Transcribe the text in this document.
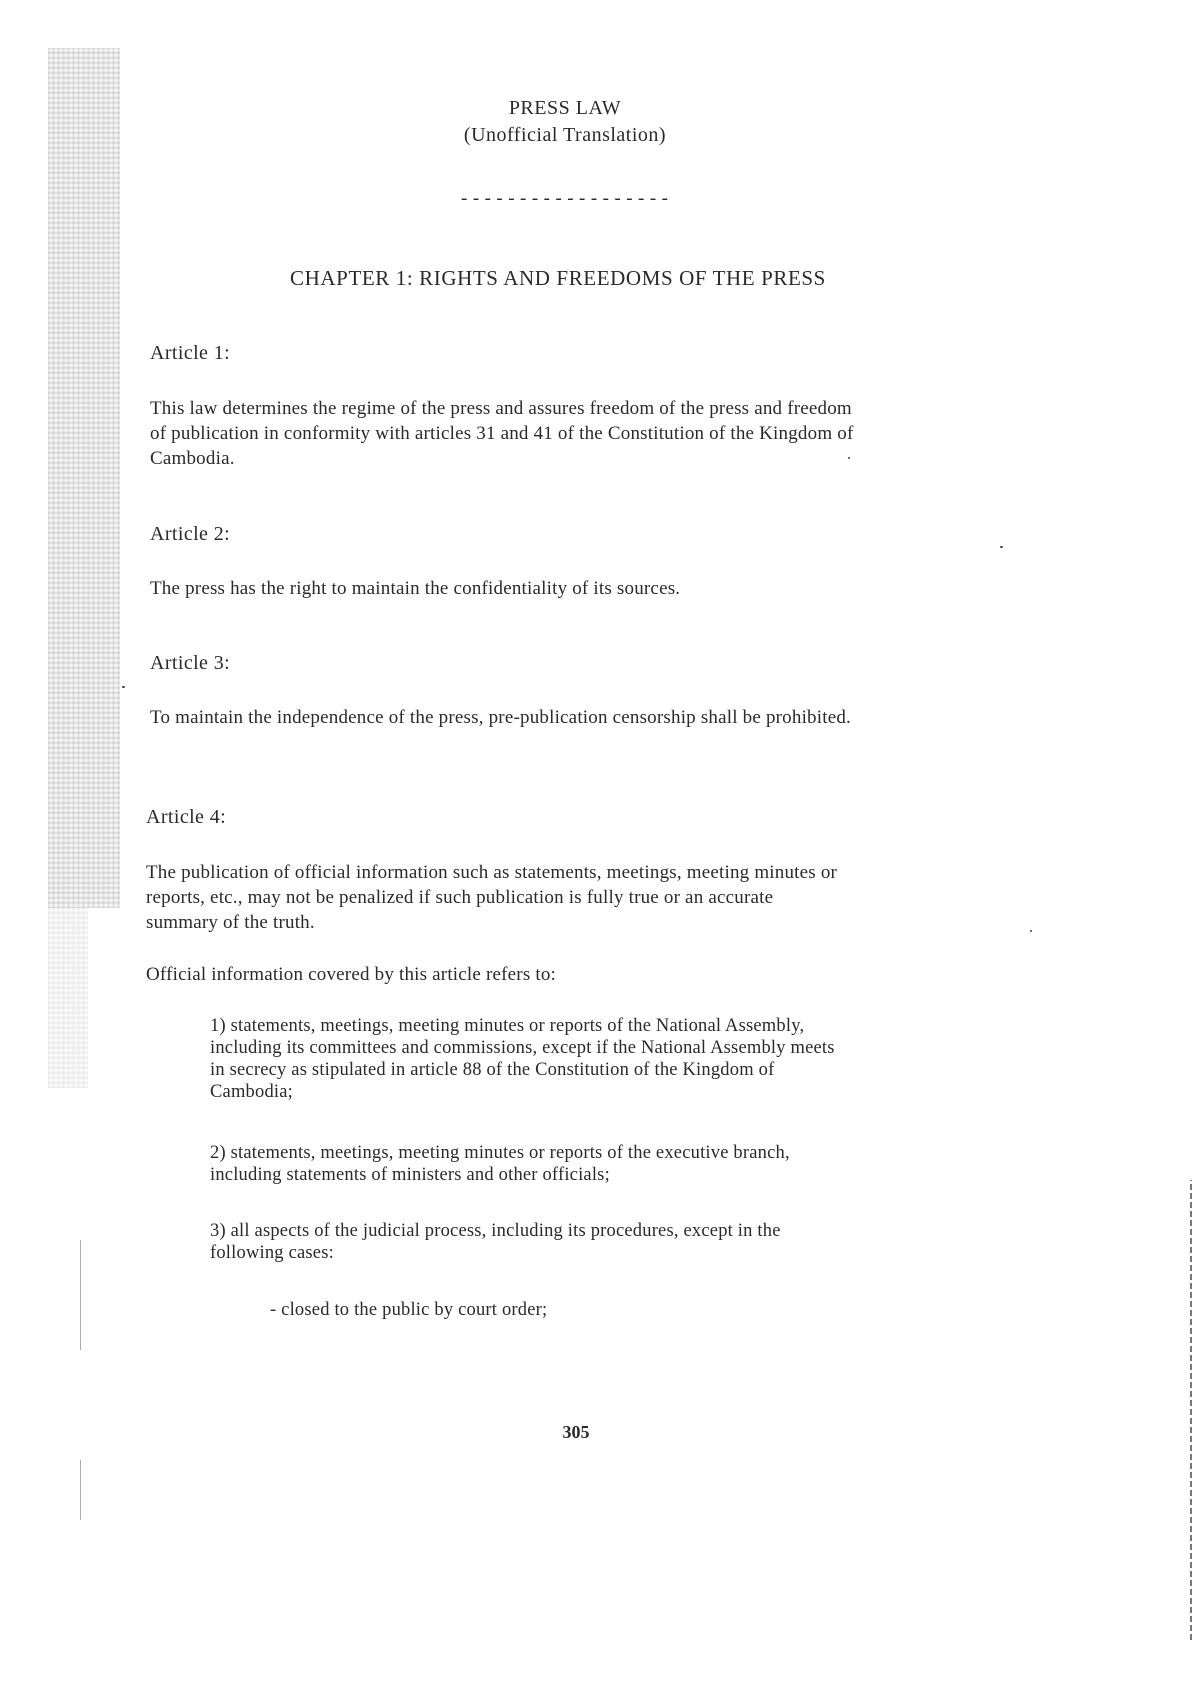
PRESS LAW
(Unofficial Translation)
------------------
CHAPTER 1: RIGHTS AND FREEDOMS OF THE PRESS
Article 1:

This law determines the regime of the press and assures freedom of the press and freedom
of publication in conformity with articles 31 and 41 of the Constitution of the Kingdom of
Cambodia.

Article 2:

The press has the right to maintain the confidentiality of its sources.

Article 3:

To maintain the independence of the press, pre-publication censorship shall be prohibited.

Article 4:

The publication of official information such as statements, meetings, meeting minutes or
reports, etc., may not be penalized if such publication is fully true or an accurate
summary of the truth.

Official information covered by this article refers to:

1) statements, meetings, meeting minutes or reports of the National Assembly,
including its committees and commissions, except if the National Assembly meets
in secrecy as stipulated in article 88 of the Constitution of the Kingdom of
Cambodia;

2) statements, meetings, meeting minutes or reports of the executive branch,
including statements of ministers and other officials;

3) all aspects of the judicial process, including its procedures, except in the
following cases:

- closed to the public by court order;
305
